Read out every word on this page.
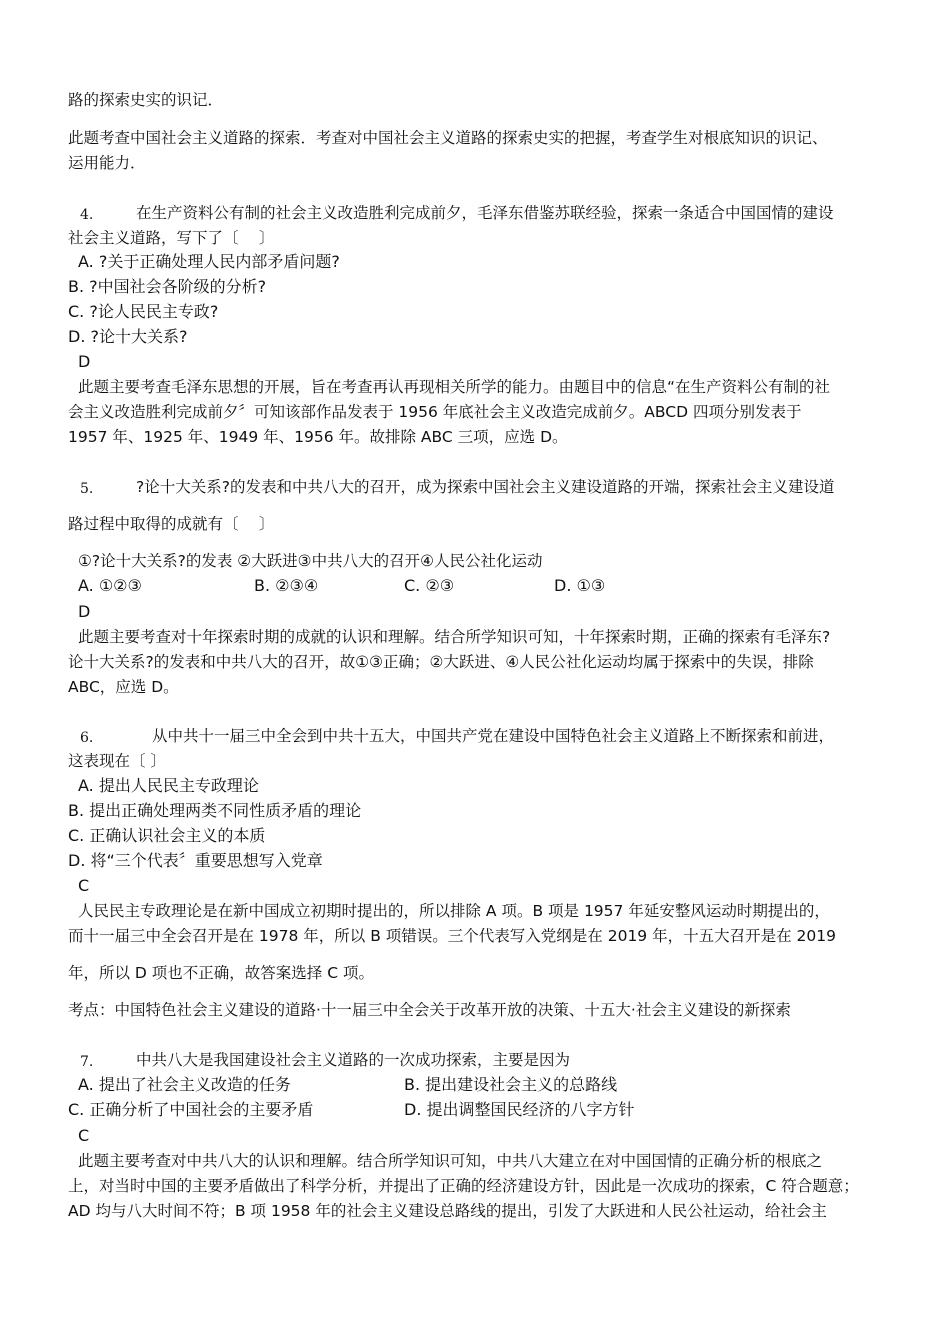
路的探索史实的识记．
此题考查中国社会主义道路的探索．考查对中国社会主义道路的探索史实的把握，考查学生对根底知识的识记、
运用能力．
4.	在生产资料公有制的社会主义改造胜利完成前夕，毛泽东借鉴苏联经验，探索一条适合中国国情的建设
社会主义道路，写下了〔　 〕
A. ?关于正确处理人民内部矛盾问题?
B. ?中国社会各阶级的分析?
C. ?论人民民主专政?
D. ?论十大关系?
D
此题主要考查毛泽东思想的开展，旨在考查再认再现相关所学的能力。由题目中的信息“在生产资料公有制的社
会主义改造胜利完成前夕〞可知该部作品发表于 1956 年底社会主义改造完成前夕。ABCD 四项分别发表于
1957 年、1925 年、1949 年、1956 年。故排除 ABC 三项，应选 D。
5.	?论十大关系?的发表和中共八大的召开，成为探索中国社会主义建设道路的开端，探索社会主义建设道
路过程中取得的成就有〔　 〕
①?论十大关系?的发表 ②大跃进③中共八大的召开④人民公社化运动
A. ①②③	B. ②③④	C. ②③	D. ①③
D
此题主要考查对十年探索时期的成就的认识和理解。结合所学知识可知，十年探索时期，正确的探索有毛泽东?
论十大关系?的发表和中共八大的召开，故①③正确；②大跃进、④人民公社化运动均属于探索中的失误，排除
ABC，应选 D。
6.	从中共十一届三中全会到中共十五大，中国共产党在建设中国特色社会主义道路上不断探索和前进，
这表现在〔 〕
A. 提出人民民主专政理论
B. 提出正确处理两类不同性质矛盾的理论
C. 正确认识社会主义的本质
D. 将“三个代表〞重要思想写入党章
C
人民民主专政理论是在新中国成立初期时提出的，所以排除 A 项。B 项是 1957 年延安整风运动时期提出的，
而十一届三中全会召开是在 1978 年，所以 B 项错误。三个代表写入党纲是在 2019 年，十五大召开是在 2019
年，所以 D 项也不正确，故答案选择 C 项。
考点：中国特色社会主义建设的道路·十一届三中全会关于改革开放的决策、十五大·社会主义建设的新探索
7.	中共八大是我国建设社会主义道路的一次成功探索，主要是因为
A. 提出了社会主义改造的任务	B. 提出建设社会主义的总路线
C. 正确分析了中国社会的主要矛盾	D. 提出调整国民经济的八字方针
C
此题主要考查对中共八大的认识和理解。结合所学知识可知，中共八大建立在对中国国情的正确分析的根底之
上，对当时中国的主要矛盾做出了科学分析，并提出了正确的经济建设方针，因此是一次成功的探索，C 符合题意；
AD 均与八大时间不符；B 项 1958 年的社会主义建设总路线的提出，引发了大跃进和人民公社运动，给社会主
